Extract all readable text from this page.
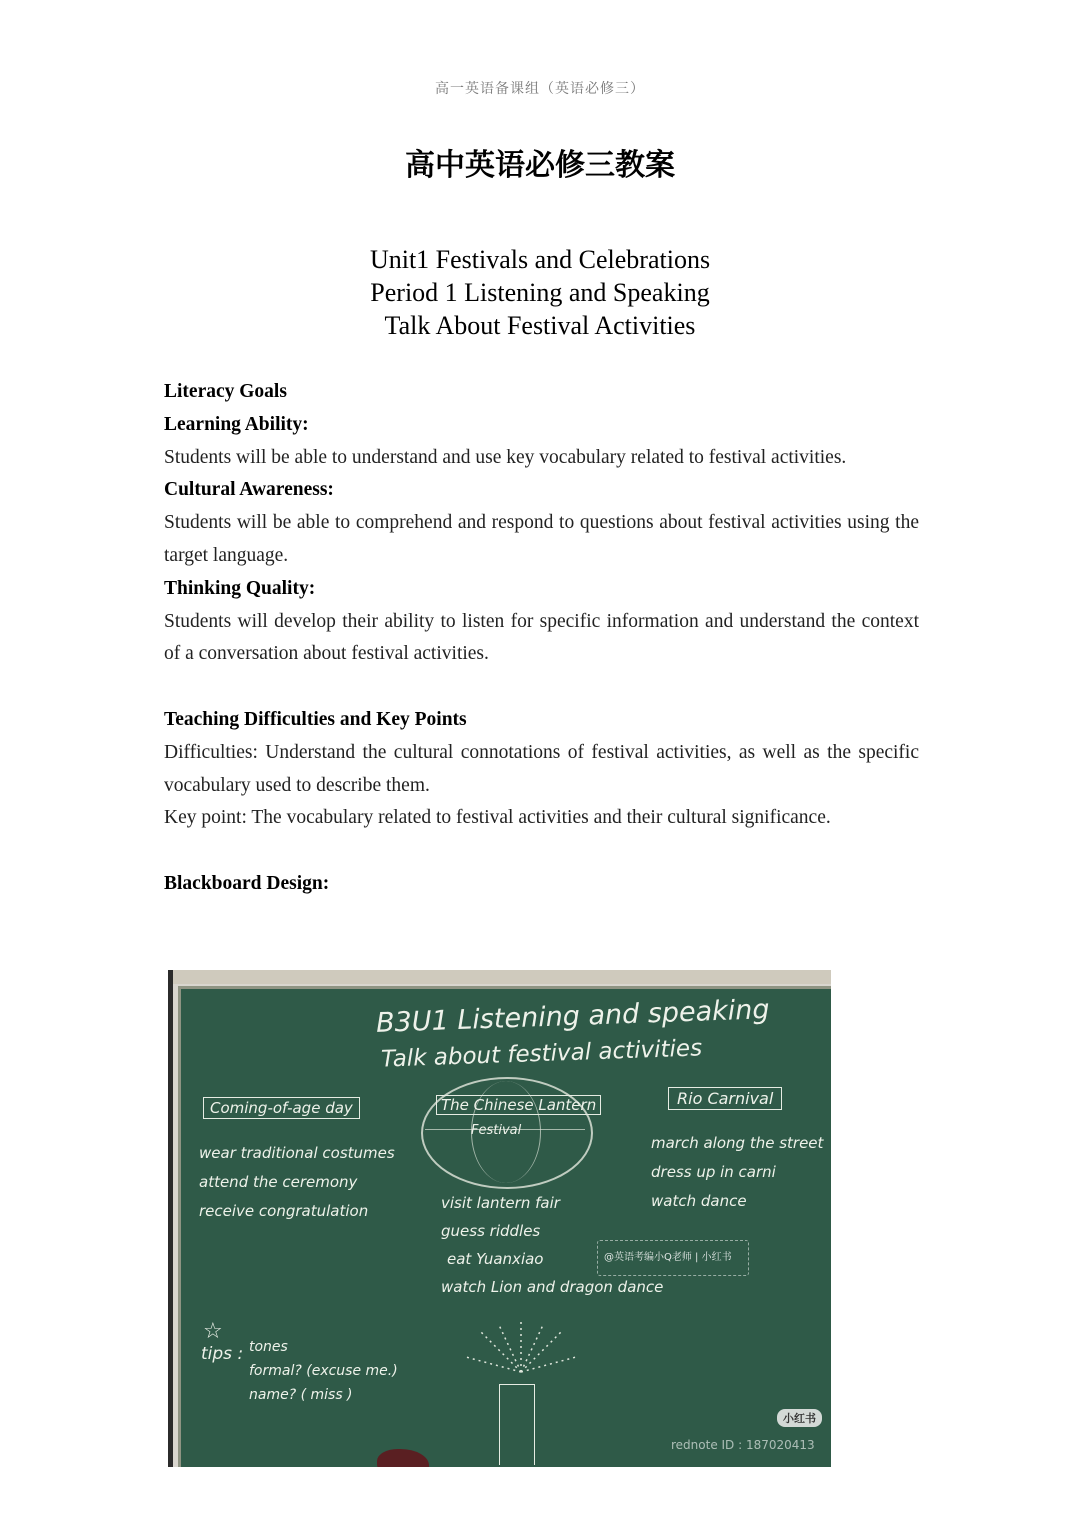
高一英语备课组（英语必修三）
高中英语必修三教案
Unit1 Festivals and Celebrations
Period 1 Listening and Speaking
Talk About Festival Activities

Literacy Goals

Learning Ability:

Students will be able to understand and use key vocabulary related to festival activities.

Cultural Awareness:

Students will be able to comprehend and respond to questions about festival activities using the target language.

Thinking Quality:

Students will develop their ability to listen for specific information and understand the context of a conversation about festival activities.

Teaching Difficulties and Key Points

Difficulties: Understand the cultural connotations of festival activities, as well as the specific vocabulary used to describe them.

Key point: The vocabulary related to festival activities and their cultural significance.

Blackboard Design:

B3U1 Listening and speaking
Talk about festival activities
Coming-of-age day
wear traditional costumes
attend the ceremony
receive congratulation
The Chinese Lantern
Festival
visit lantern fair
guess riddles
eat Yuanxiao
watch Lion and dragon dance
Rio Carnival
march along the street
dress up in carni
watch dance
☆
tips : tones
formal? (excuse me.)
name? ( miss )
@英语考编小Q老师 | 小红书
小红书
rednote ID : 187020413
